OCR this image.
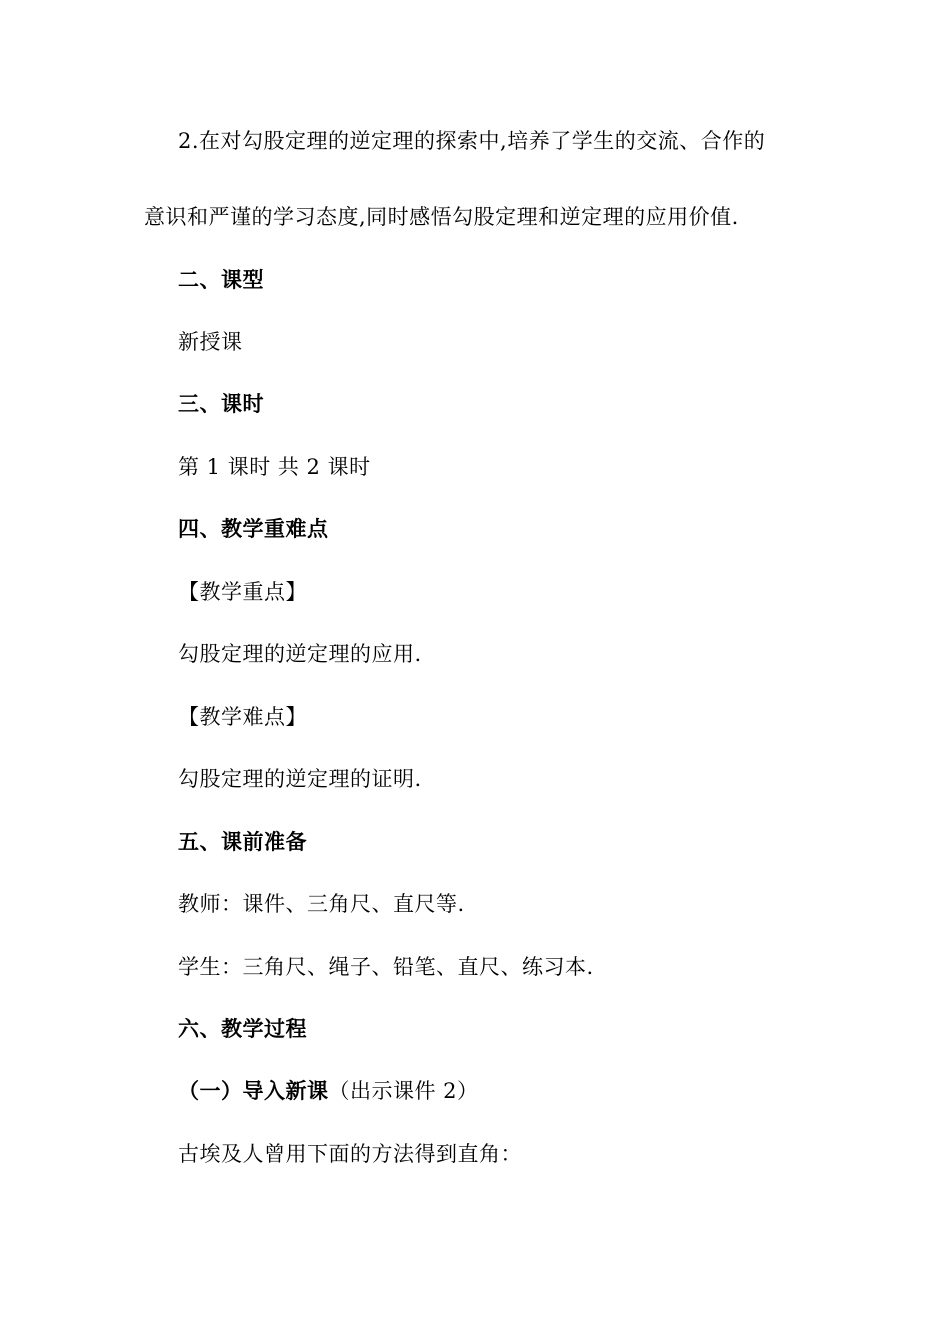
2.在对勾股定理的逆定理的探索中,培养了学生的交流、合作的
意识和严谨的学习态度,同时感悟勾股定理和逆定理的应用价值.
二、课型
新授课
三、课时
第 1 课时 共 2 课时
四、教学重难点
【教学重点】
勾股定理的逆定理的应用.
【教学难点】
勾股定理的逆定理的证明.
五、课前准备
教师：课件、三角尺、直尺等.
学生：三角尺、绳子、铅笔、直尺、练习本.
六、教学过程
（一）导入新课（出示课件 2）
古埃及人曾用下面的方法得到直角：
